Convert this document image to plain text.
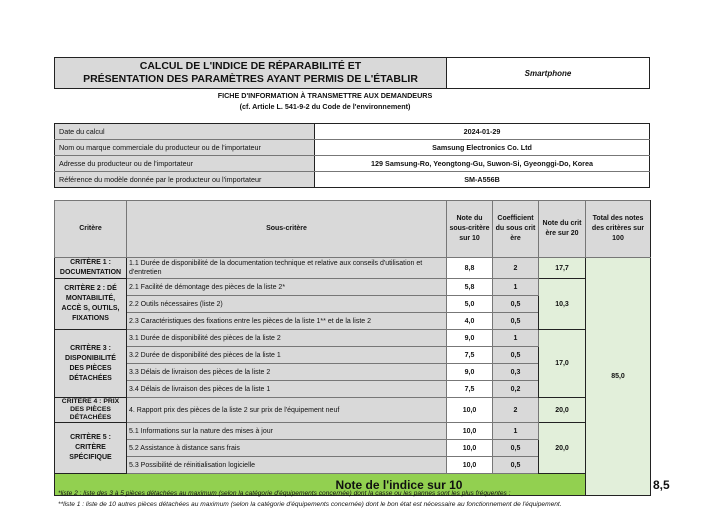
CALCUL DE L'INDICE DE RÉPARABILITÉ ET
PRÉSENTATION DES PARAMÈTRES AYANT PERMIS DE L'ÉTABLIR	Smartphone
FICHE D'INFORMATION À TRANSMETTRE AUX DEMANDEURS
(cf. Article L. 541-9-2 du Code de l'environnement)
Date du calcul	2024-01-29
Nom ou marque commerciale du producteur ou de l'importateur	Samsung Electronics Co. Ltd
Adresse du producteur ou de l'importateur	129 Samsung-Ro, Yeongtong-Gu, Suwon-Si, Gyeonggi-Do, Korea
Référence du modèle donnée par le producteur ou l'importateur	SM-A556B
Critère	Sous-critère	Note du sous-critère sur 10	Coefficient du sous crit ère	Note du crit ère sur 20	Total des notes des critères sur 100	
CRITÈRE 1 : DOCUMENTATION	1.1 Durée de disponibilité de la documentation technique et relative aux conseils d'utilisation et d'entretien	8,8	2	17,7	85,0	
CRITÈRE 2 : DÉ MONTABILITÉ, ACCÈ S, OUTILS, FIXATIONS	2.1 Facilité de démontage des pièces de la liste 2*	5,8	1	10,3		
	2.2 Outils nécessaires (liste 2)	5,0	0,5			
	2.3 Caractéristiques des fixations entre les pièces de la liste 1** et de la liste 2	4,0	0,5			
CRITÈRE 3 : DISPONIBILITÉ DES PIÈCES DÉTACHÉES	3.1 Durée de disponibilité des pièces de la liste 2	9,0	1	17,0		
	3.2 Durée de disponibilité des pièces de la liste 1	7,5	0,5			
	3.3 Délais de livraison des pièces de la liste 2	9,0	0,3			
	3.4 Délais de livraison des pièces de la liste 1	7,5	0,2			
CRITÈRE 4 : PRIX DES PIÈCES DÉTACHÉES	4. Rapport prix des pièces de la liste 2 sur prix de l'équipement neuf	10,0	2	20,0		
CRITÈRE 5 : CRITÈRE SPÉCIFIQUE	5.1 Informations sur la nature des mises à jour	10,0	1	20,0		
	5.2 Assistance à distance sans frais	10,0	0,5			
	5.3 Possibilité de réinitialisation logicielle	10,0	0,5			
Note de l'indice sur 10						8,5
*liste 2 : liste des 3 à 5 pièces détachées au maximum (selon la catégorie d'équipements concernée) dont la casse ou les pannes sont les plus fréquentes ;
**liste 1 : liste de 10 autres pièces détachées au maximum (selon la catégorie d'équipements concernée) dont le bon état est nécessaire au fonctionnement de l'équipement.
